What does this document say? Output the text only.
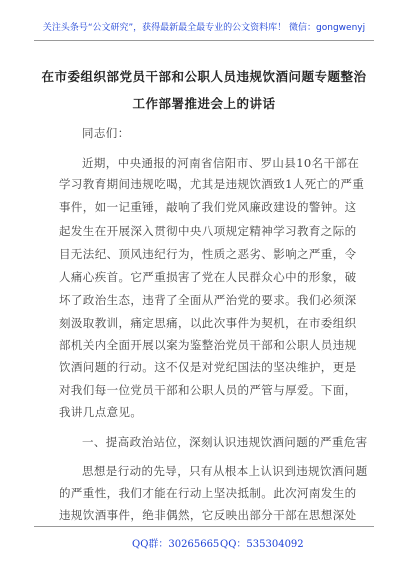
关注头条号“公文研究”，获得最新最全最专业的公文资料库！ 微信：gongwenyj
在市委组织部党员干部和公职人员违规饮酒问题专题整治
工作部署推进会上的讲话
同志们：
近期，中央通报的河南省信阳市、罗山县10名干部在
学习教育期间违规吃喝，尤其是违规饮酒致1人死亡的严重
事件，如一记重锤，敲响了我们党风廉政建设的警钟。这
起发生在开展深入贯彻中央八项规定精神学习教育之际的
目无法纪、顶风违纪行为，性质之恶劣、影响之严重，令
人痛心疾首。它严重损害了党在人民群众心中的形象，破
坏了政治生态，违背了全面从严治党的要求。我们必须深
刻汲取教训，痛定思痛，以此次事件为契机，在市委组织
部机关内全面开展以案为鉴整治党员干部和公职人员违规
饮酒问题的行动。这不仅是对党纪国法的坚决维护，更是
对我们每一位党员干部和公职人员的严管与厚爱。下面，
我讲几点意见。
一、提高政治站位，深刻认识违规饮酒问题的严重危害
思想是行动的先导，只有从根本上认识到违规饮酒问题
的严重性，我们才能在行动上坚决抵制。此次河南发生的
违规饮酒事件，绝非偶然，它反映出部分干部在思想深处
QQ群：30265665 QQ：535304092
